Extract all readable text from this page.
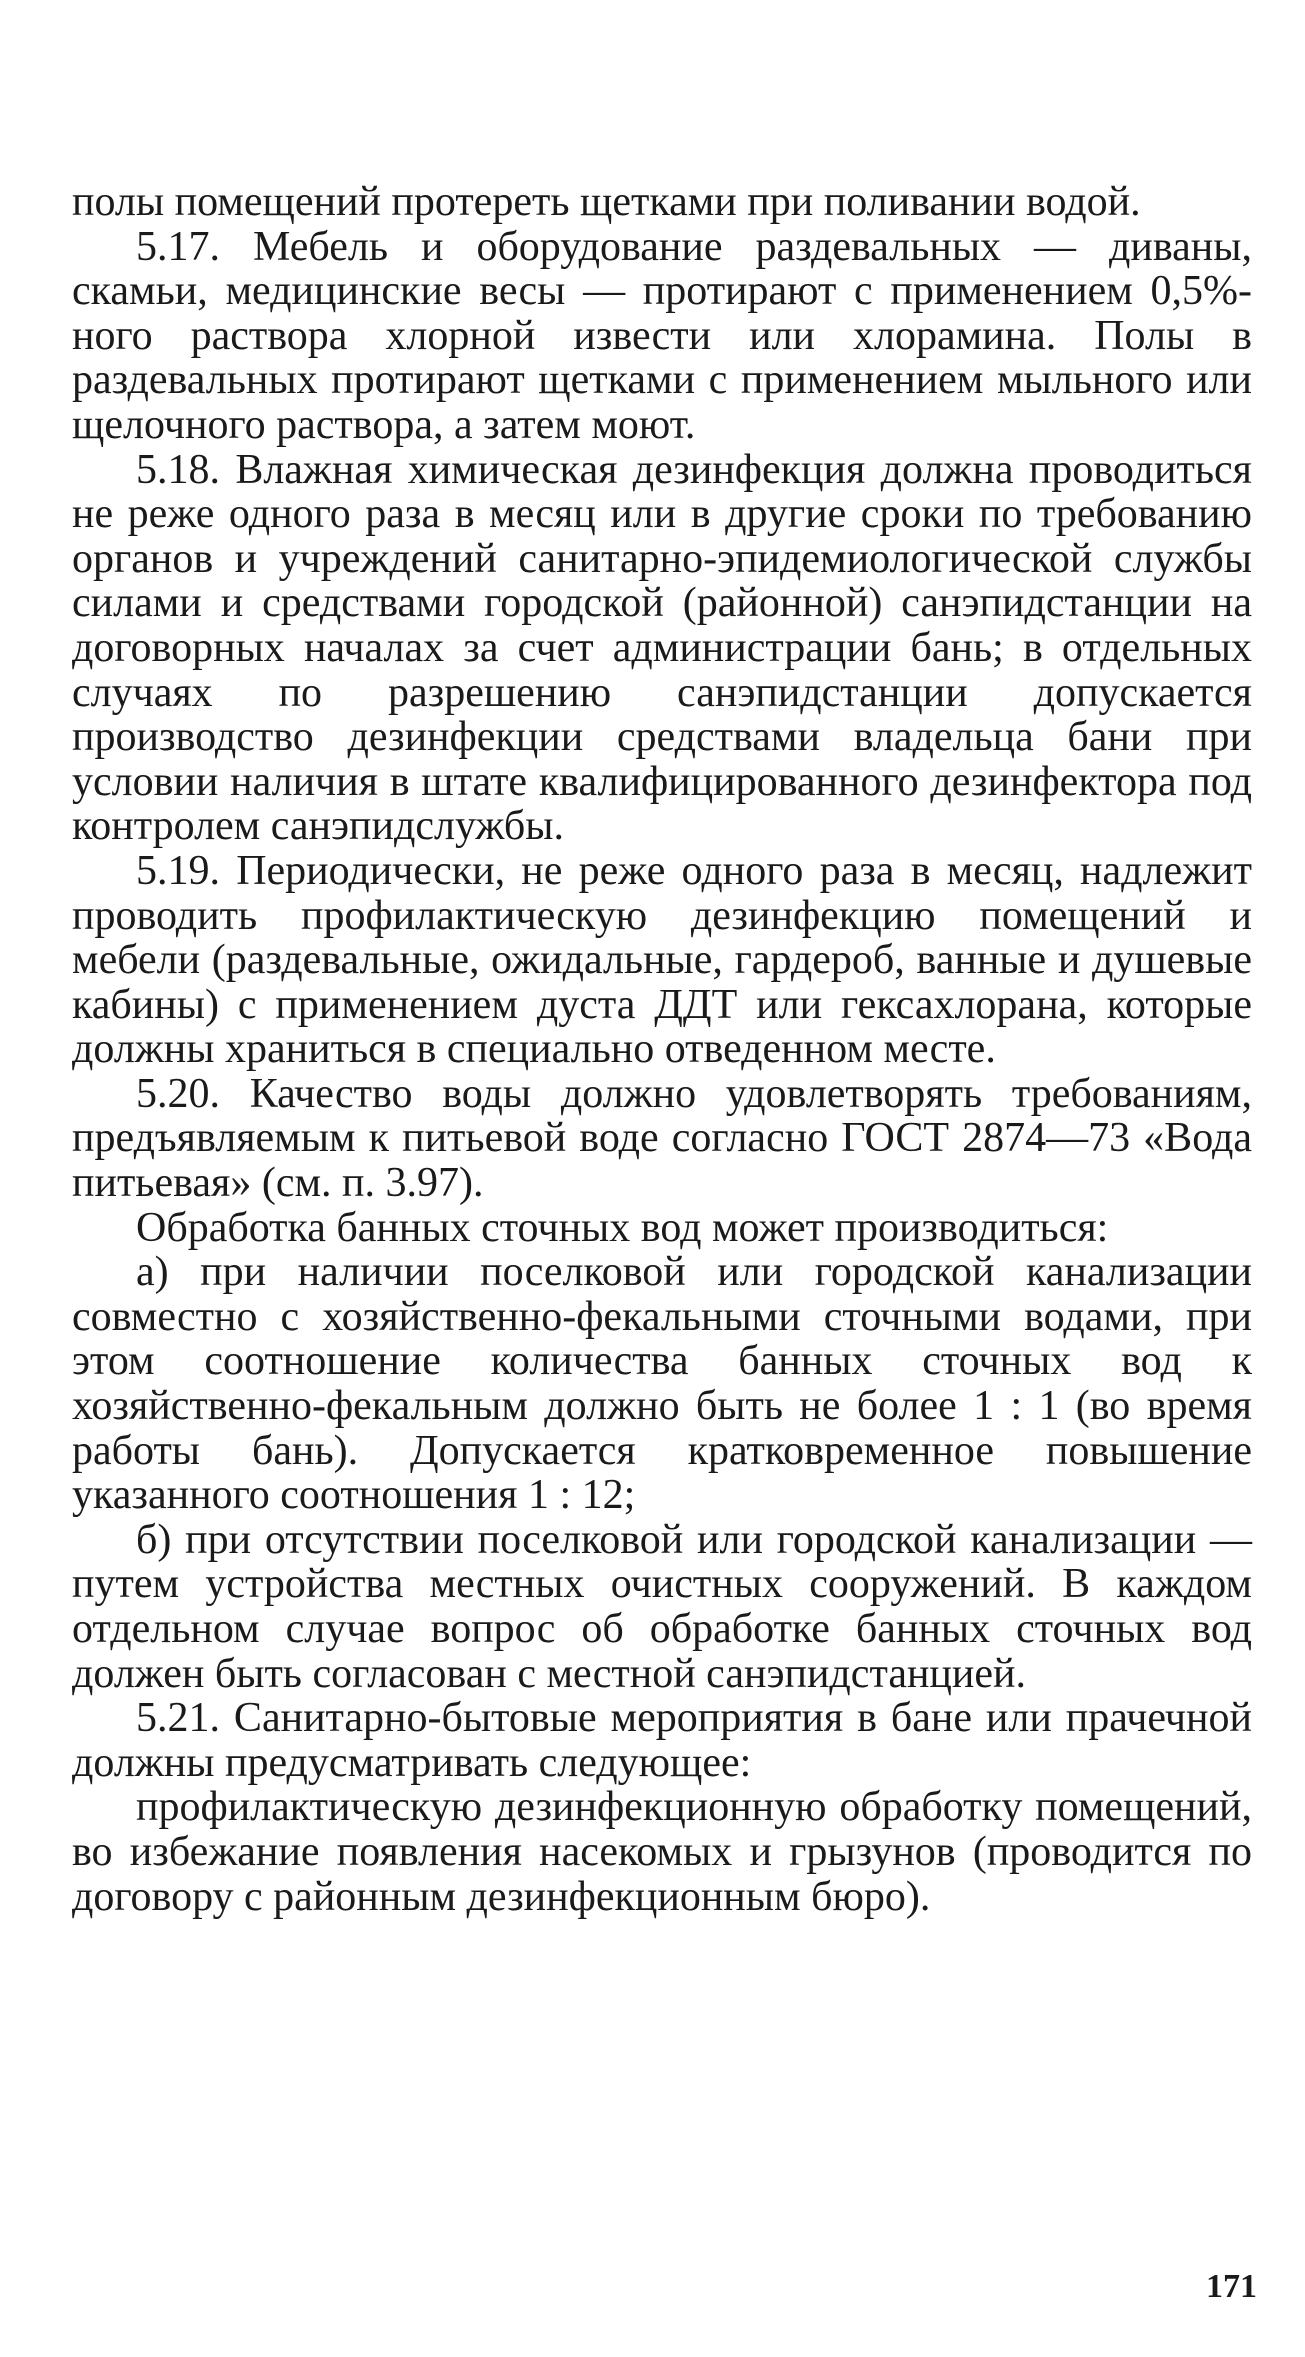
полы помещений протереть щетками при поливании водой.

5.17. Мебель и оборудование раздевальных — диваны, скамьи, медицинские весы — протирают с применением 0,5%-ного раствора хлорной извести или хлорамина. Полы в раздевальных протирают щетками с применением мыльного или щелочного раствора, а затем моют.

5.18. Влажная химическая дезинфекция должна проводиться не реже одного раза в месяц или в другие сроки по требованию органов и учреждений санитарно-эпидемиологической службы силами и средствами городской (районной) санэпидстанции на договорных началах за счет администрации бань; в отдельных случаях по разрешению санэпидстанции допускается производство дезинфекции средствами владельца бани при условии наличия в штате квалифицированного дезинфектора под контролем санэпидслужбы.

5.19. Периодически, не реже одного раза в месяц, надлежит проводить профилактическую дезинфекцию помещений и мебели (раздевальные, ожидальные, гардероб, ванные и душевые кабины) с применением дуста ДДТ или гексахлорана, которые должны храниться в специально отведенном месте.

5.20. Качество воды должно удовлетворять требованиям, предъявляемым к питьевой воде согласно ГОСТ 2874—73 «Вода питьевая» (см. п. 3.97).

Обработка банных сточных вод может производиться:

а) при наличии поселковой или городской канализации совместно с хозяйственно-фекальными сточными водами, при этом соотношение количества банных сточных вод к хозяйственно-фекальным должно быть не более 1 : 1 (во время работы бань). Допускается кратковременное повышение указанного соотношения 1 : 12;

б) при отсутствии поселковой или городской канализации — путем устройства местных очистных сооружений. В каждом отдельном случае вопрос об обработке банных сточных вод должен быть согласован с местной санэпидстанцией.

5.21. Санитарно-бытовые мероприятия в бане или прачечной должны предусматривать следующее:

профилактическую дезинфекционную обработку помещений, во избежание появления насекомых и грызунов (проводится по договору с районным дезинфекционным бюро).

171
